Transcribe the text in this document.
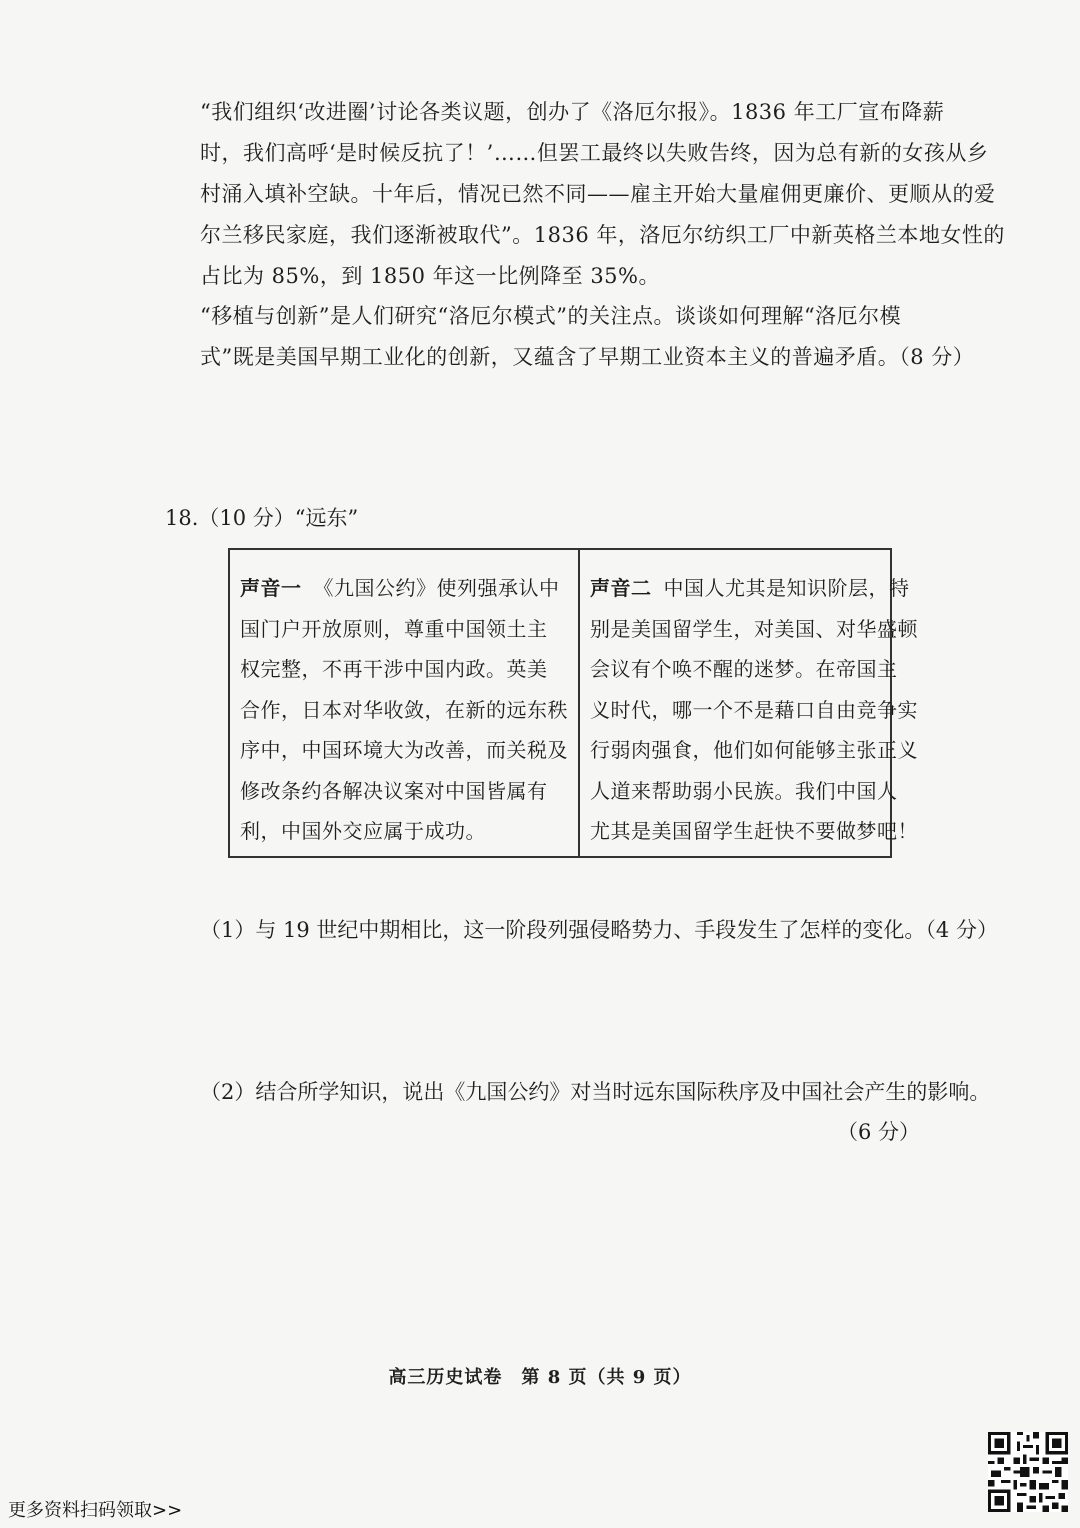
“我们组织‘改进圈’讨论各类议题，创办了《洛厄尔报》。1836 年工厂宣布降薪
时，我们高呼‘是时候反抗了！’……但罢工最终以失败告终，因为总有新的女孩从乡
村涌入填补空缺。十年后，情况已然不同——雇主开始大量雇佣更廉价、更顺从的爱
尔兰移民家庭，我们逐渐被取代”。1836 年，洛厄尔纺织工厂中新英格兰本地女性的
占比为 85%，到 1850 年这一比例降至 35%。
“移植与创新”是人们研究“洛厄尔模式”的关注点。谈谈如何理解“洛厄尔模
式”既是美国早期工业化的创新，又蕴含了早期工业资本主义的普遍矛盾。（8 分）
18.（10 分）“远东”
声音一 《九国公约》使列强承认中
国门户开放原则，尊重中国领土主
权完整，不再干涉中国内政。英美
合作，日本对华收敛，在新的远东秩
序中，中国环境大为改善，而关税及
修改条约各解决议案对中国皆属有
利，中国外交应属于成功。
声音二 中国人尤其是知识阶层，特
别是美国留学生，对美国、对华盛顿
会议有个唤不醒的迷梦。在帝国主
义时代，哪一个不是藉口自由竞争实
行弱肉强食，他们如何能够主张正义
人道来帮助弱小民族。我们中国人
尤其是美国留学生赶快不要做梦吧！
（1）与 19 世纪中期相比，这一阶段列强侵略势力、手段发生了怎样的变化。（4 分）
（2）结合所学知识，说出《九国公约》对当时远东国际秩序及中国社会产生的影响。
（6 分）
高三历史试卷　第 8 页（共 9 页）
更多资料扫码领取>>
